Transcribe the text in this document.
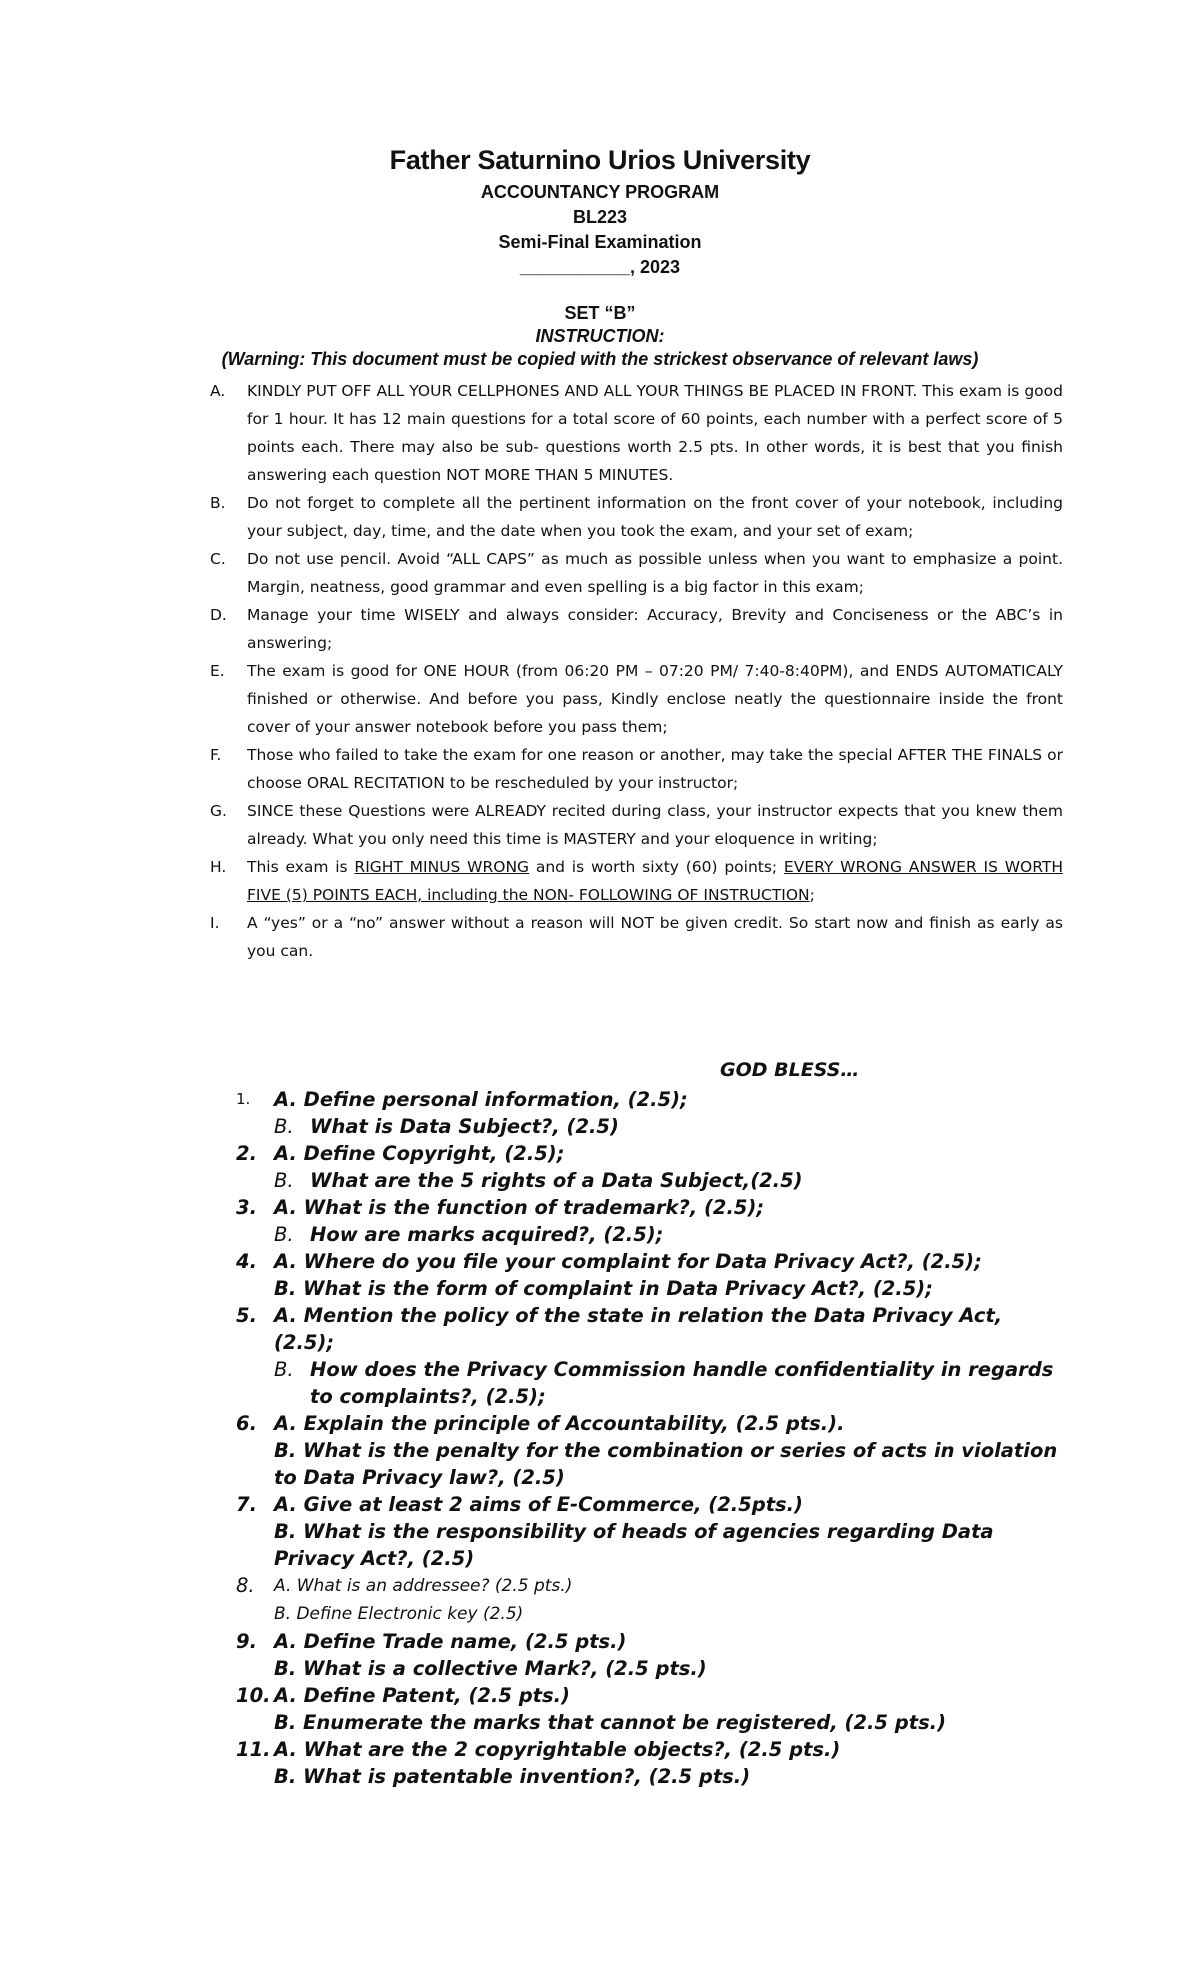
Father Saturnino Urios University
ACCOUNTANCY PROGRAM
BL223
Semi-Final Examination
___________, 2023
SET “B”
INSTRUCTION:
(Warning: This document must be copied with the strickest observance of relevant laws)
A. KINDLY PUT OFF ALL YOUR CELLPHONES AND ALL YOUR THINGS BE PLACED IN FRONT. This exam is good for 1 hour. It has 12 main questions for a total score of 60 points, each number with a perfect score of 5 points each. There may also be sub- questions worth 2.5 pts. In other words, it is best that you finish answering each question NOT MORE THAN 5 MINUTES.
B. Do not forget to complete all the pertinent information on the front cover of your notebook, including your subject, day, time, and the date when you took the exam, and your set of exam;
C. Do not use pencil. Avoid “ALL CAPS” as much as possible unless when you want to emphasize a point. Margin, neatness, good grammar and even spelling is a big factor in this exam;
D. Manage your time WISELY and always consider: Accuracy, Brevity and Conciseness or the ABC’s in answering;
E. The exam is good for ONE HOUR (from 06:20 PM – 07:20 PM/ 7:40-8:40PM), and ENDS AUTOMATICALY finished or otherwise. And before you pass, Kindly enclose neatly the questionnaire inside the front cover of your answer notebook before you pass them;
F. Those who failed to take the exam for one reason or another, may take the special AFTER THE FINALS or choose ORAL RECITATION to be rescheduled by your instructor;
G. SINCE these Questions were ALREADY recited during class, your instructor expects that you knew them already. What you only need this time is MASTERY and your eloquence in writing;
H. This exam is RIGHT MINUS WRONG and is worth sixty (60) points; EVERY WRONG ANSWER IS WORTH FIVE (5) POINTS EACH, including the NON- FOLLOWING OF INSTRUCTION;
I. A “yes” or a “no” answer without a reason will NOT be given credit. So start now and finish as early as you can.
GOD BLESS…
1. A. Define personal information, (2.5);
B. What is Data Subject?, (2.5)
2. A. Define Copyright, (2.5);
B. What are the 5 rights of a Data Subject,(2.5)
3. A. What is the function of trademark?, (2.5);
B. How are marks acquired?, (2.5);
4. A. Where do you file your complaint for Data Privacy Act?, (2.5);
B. What is the form of complaint in Data Privacy Act?, (2.5);
5. A. Mention the policy of the state in relation the Data Privacy Act, (2.5);
B. How does the Privacy Commission handle confidentiality in regards to complaints?, (2.5);
6. A. Explain the principle of Accountability, (2.5 pts.).
B. What is the penalty for the combination or series of acts in violation to Data Privacy law?, (2.5)
7. A. Give at least 2 aims of E-Commerce, (2.5pts.)
B. What is the responsibility of heads of agencies regarding Data Privacy Act?, (2.5)
8. A. What is an addressee? (2.5 pts.)
B. Define Electronic key (2.5)
9. A. Define Trade name, (2.5 pts.)
B. What is a collective Mark?, (2.5 pts.)
10. A. Define Patent, (2.5 pts.)
B. Enumerate the marks that cannot be registered, (2.5 pts.)
11. A. What are the 2 copyrightable objects?, (2.5 pts.)
B. What is patentable invention?, (2.5 pts.)
